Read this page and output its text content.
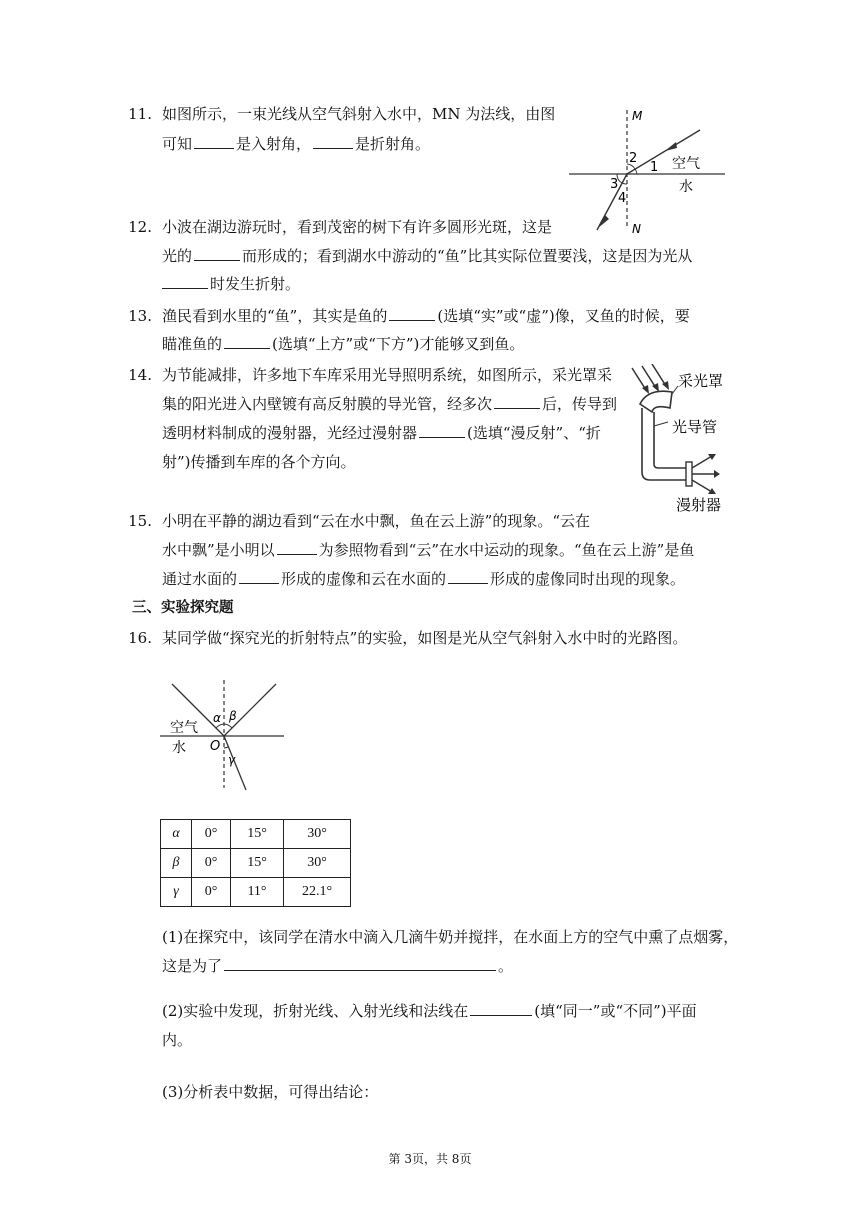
11. 如图所示，一束光线从空气斜射入水中，MN 为法线，由图
可知	是入射角，	是折射角。
M
N
1
2
3
4
空气
水
12. 小波在湖边游玩时，看到茂密的树下有许多圆形光斑，这是
光的	而形成的；看到湖水中游动的“鱼”比其实际位置要浅，这是因为光从
时发生折射。
13. 渔民看到水里的“鱼”，其实是鱼的	(选填“实”或“虚”)像，叉鱼的时候，要
瞄准鱼的	(选填“上方”或“下方”)才能够叉到鱼。
14. 为节能减排，许多地下车库采用光导照明系统，如图所示，采光罩采
集的阳光进入内壁镀有高反射膜的导光管，经多次	后，传导到
透明材料制成的漫射器，光经过漫射器	(选填“漫反射”、“折
射”)传播到车库的各个方向。
采光罩
光导管
漫射器
15. 小明在平静的湖边看到“云在水中飘，鱼在云上游”的现象。“云在
水中飘”是小明以	为参照物看到“云”在水中运动的现象。“鱼在云上游”是鱼
通过水面的	形成的虚像和云在水面的	形成的虚像同时出现的现象。
三、实验探究题
16. 某同学做“探究光的折射特点”的实验，如图是光从空气斜射入水中时的光路图。
α β
γ
O
空气
水
α	0°	15°	30°
β	0°	15°	30°
γ	0°	11°	22.1°
(1)在探究中，该同学在清水中滴入几滴牛奶并搅拌，在水面上方的空气中熏了点烟雾，
这是为了	。
(2)实验中发现，折射光线、入射光线和法线在	(填“同一”或“不同”)平面
内。
(3)分析表中数据，可得出结论：
第 3页，共 8页
